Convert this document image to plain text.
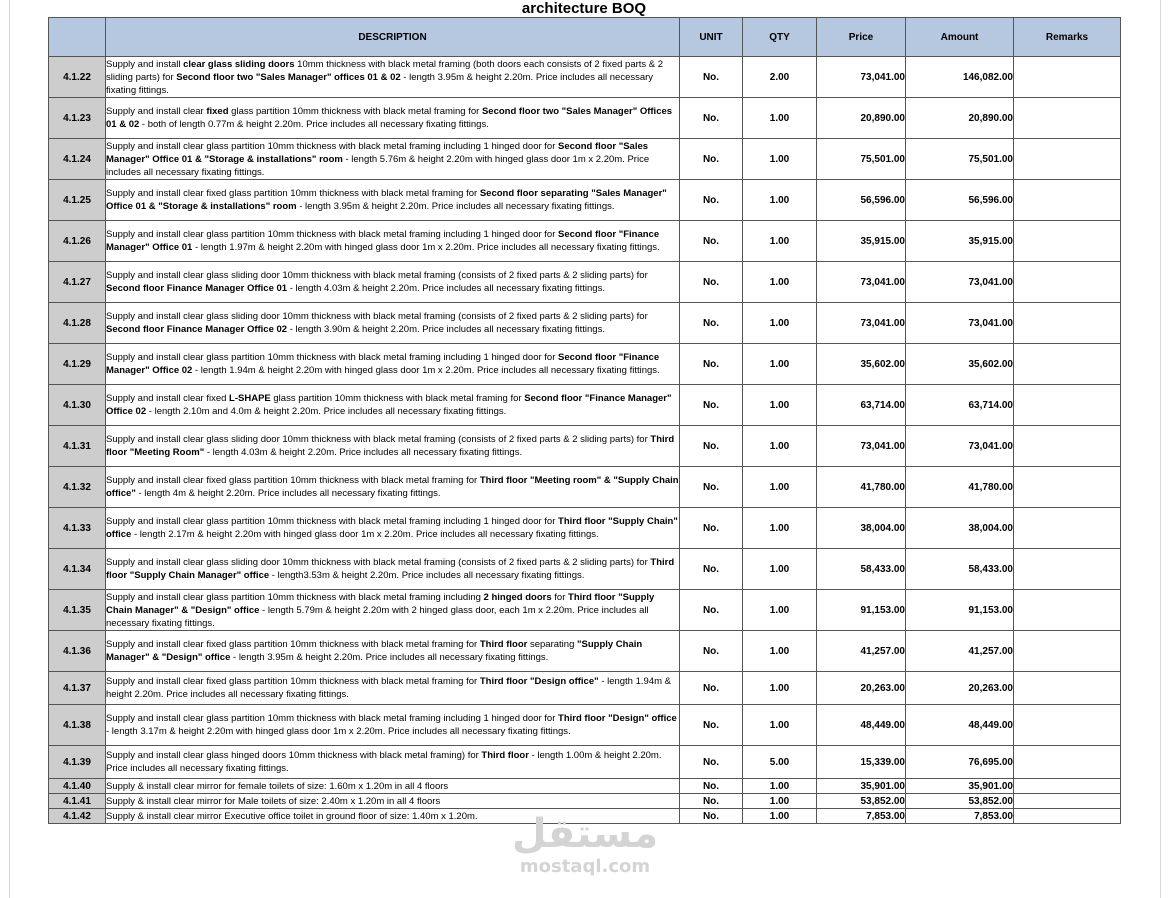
architecture BOQ
	DESCRIPTION	UNIT	QTY	Price	Amount	Remarks
4.1.22	Supply and install clear glass sliding doors 10mm thickness with black metal framing (both doors each consists of 2 fixed parts & 2 sliding parts) for Second floor two "Sales Manager" offices 01 & 02 - length 3.95m & height 2.20m. Price includes all necessary fixating fittings.	No.	2.00	73,041.00	146,082.00	
4.1.23	Supply and install clear fixed glass partition 10mm thickness with black metal framing for Second floor two "Sales Manager" Offices 01 & 02 - both of length 0.77m & height 2.20m. Price includes all necessary fixating fittings.	No.	1.00	20,890.00	20,890.00	
4.1.24	Supply and install clear glass partition 10mm thickness with black metal framing including 1 hinged door for Second floor "Sales Manager" Office 01 & "Storage & installations" room - length 5.76m & height 2.20m with hinged glass door 1m x 2.20m. Price includes all necessary fixating fittings.	No.	1.00	75,501.00	75,501.00	
4.1.25	Supply and install clear fixed glass partition 10mm thickness with black metal framing for Second floor separating "Sales Manager" Office 01 & "Storage & installations" room - length 3.95m & height 2.20m. Price includes all necessary fixating fittings.	No.	1.00	56,596.00	56,596.00	
4.1.26	Supply and install clear glass partition 10mm thickness with black metal framing including 1 hinged door for Second floor "Finance Manager" Office 01 - length 1.97m & height 2.20m with hinged glass door 1m x 2.20m. Price includes all necessary fixating fittings.	No.	1.00	35,915.00	35,915.00	
4.1.27	Supply and install clear glass sliding door 10mm thickness with black metal framing (consists of 2 fixed parts & 2 sliding parts) for Second floor Finance Manager Office 01 - length 4.03m & height 2.20m. Price includes all necessary fixating fittings.	No.	1.00	73,041.00	73,041.00	
4.1.28	Supply and install clear glass sliding door 10mm thickness with black metal framing (consists of 2 fixed parts & 2 sliding parts) for Second floor Finance Manager Office 02 - length 3.90m & height 2.20m. Price includes all necessary fixating fittings.	No.	1.00	73,041.00	73,041.00	
4.1.29	Supply and install clear glass partition 10mm thickness with black metal framing including 1 hinged door for Second floor "Finance Manager" Office 02 - length 1.94m & height 2.20m with hinged glass door 1m x 2.20m. Price includes all necessary fixating fittings.	No.	1.00	35,602.00	35,602.00	
4.1.30	Supply and install clear fixed L-SHAPE glass partition 10mm thickness with black metal framing for Second floor "Finance Manager" Office 02 - length 2.10m and 4.0m & height 2.20m. Price includes all necessary fixating fittings.	No.	1.00	63,714.00	63,714.00	
4.1.31	Supply and install clear glass sliding door 10mm thickness with black metal framing (consists of 2 fixed parts & 2 sliding parts) for Third floor "Meeting Room" - length 4.03m & height 2.20m. Price includes all necessary fixating fittings.	No.	1.00	73,041.00	73,041.00	
4.1.32	Supply and install clear fixed glass partition 10mm thickness with black metal framing for Third floor "Meeting room" & "Supply Chain office" - length 4m & height 2.20m. Price includes all necessary fixating fittings.	No.	1.00	41,780.00	41,780.00	
4.1.33	Supply and install clear glass partition 10mm thickness with black metal framing including 1 hinged door for Third floor "Supply Chain" office - length 2.17m & height 2.20m with hinged glass door 1m x 2.20m. Price includes all necessary fixating fittings.	No.	1.00	38,004.00	38,004.00	
4.1.34	Supply and install clear glass sliding door 10mm thickness with black metal framing (consists of 2 fixed parts & 2 sliding parts) for Third floor "Supply Chain Manager" office - length3.53m & height 2.20m. Price includes all necessary fixating fittings.	No.	1.00	58,433.00	58,433.00	
4.1.35	Supply and install clear glass partition 10mm thickness with black metal framing including 2 hinged doors for Third floor "Supply Chain Manager" & "Design" office - length 5.79m & height 2.20m with 2 hinged glass door, each 1m x 2.20m. Price includes all necessary fixating fittings.	No.	1.00	91,153.00	91,153.00	
4.1.36	Supply and install clear fixed glass partition 10mm thickness with black metal framing for Third floor separating "Supply Chain Manager" & "Design" office - length 3.95m & height 2.20m. Price includes all necessary fixating fittings.	No.	1.00	41,257.00	41,257.00	
4.1.37	Supply and install clear fixed glass partition 10mm thickness with black metal framing for Third floor "Design office" - length 1.94m & height 2.20m. Price includes all necessary fixating fittings.	No.	1.00	20,263.00	20,263.00	
4.1.38	Supply and install clear glass partition 10mm thickness with black metal framing including 1 hinged door for Third floor "Design" office - length 3.17m & height 2.20m with hinged glass door 1m x 2.20m. Price includes all necessary fixating fittings.	No.	1.00	48,449.00	48,449.00	
4.1.39	Supply and install clear glass hinged doors 10mm thickness with black metal framing) for Third floor - length 1.00m & height 2.20m. Price includes all necessary fixating fittings.	No.	5.00	15,339.00	76,695.00	
4.1.40	Supply & install clear mirror for female toilets of size: 1.60m x 1.20m in all 4 floors	No.	1.00	35,901.00	35,901.00	
4.1.41	Supply & install clear mirror for Male toilets of size: 2.40m x 1.20m in all 4 floors	No.	1.00	53,852.00	53,852.00	
4.1.42	Supply & install clear mirror Executive office toilet in ground floor of size: 1.40m x 1.20m.	No.	1.00	7,853.00	7,853.00	
مستقل
mostaql.com
